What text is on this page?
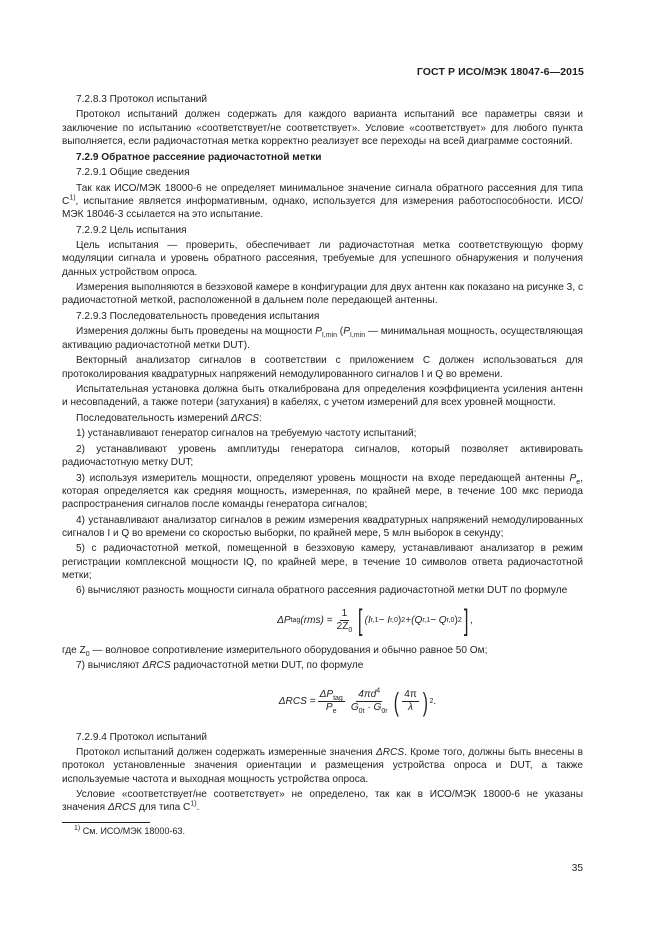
ГОСТ Р ИСО/МЭК 18047-6—2015

7.2.8.3 Протокол испытаний

Протокол испытаний должен содержать для каждого варианта испытаний все параметры связи и заключение по испытанию «соответствует/не соответствует». Условие «соответствует» для любого пункта выполняется, если радиочастотная метка корректно реализует все переходы на всей диаграмме состояний.

7.2.9 Обратное рассеяние радиочастотной метки

7.2.9.1 Общие сведения

Так как ИСО/МЭК 18000-6 не определяет минимальное значение сигнала обратного рассеяния для типа $С^{1)}$, испытание является информативным, однако, используется для измерения работоспособности. ИСО/МЭК 18046-3 ссылается на это испытание.

7.2.9.2 Цель испытания

Цель испытания — проверить, обеспечивает ли радиочастотная метка соответствующую форму модуляции сигнала и уровень обратного рассеяния, требуемые для успешного обнаружения и получения данных устройством опроса.

Измерения выполняются в безэховой камере в конфигурации для двух антенн как показано на рисунке 3, с радиочастотной меткой, расположенной в дальнем поле передающей антенны.

7.2.9.3 Последовательность проведения испытания

Измерения должны быть проведены на мощности $P_{I,min}$ ($P_{I,min}$ — минимальная мощность, осуществляющая активацию радиочастотной метки DUT).

Векторный анализатор сигналов в соответствии с приложением С должен использоваться для протоколирования квадратурных напряжений немодулированного сигналов I и Q во времени.

Испытательная установка должна быть откалибрована для определения коэффициента усиления антенн и несовпадений, а также потери (затухания) в кабелях, с учетом измерений для всех уровней мощности.

Последовательность измерений ΔRCS:

1) устанавливают генератор сигналов на требуемую частоту испытаний;

2) устанавливают уровень амплитуды генератора сигналов, который позволяет активировать радиочастотную метку DUT;

3) используя измеритель мощности, определяют уровень мощности на входе передающей антенны $P_e$, которая определяется как средняя мощность, измеренная, по крайней мере, в течение 100 мкс периода распространения сигналов после команды генератора сигналов;

4) устанавливают анализатор сигналов в режим измерения квадратурных напряжений немодулированных сигналов I и Q во времени со скоростью выборки, по крайней мере, 5 млн выборок в секунду;

5) с радиочастотной меткой, помещенной в безэховую камеру, устанавливают анализатор в режим регистрации комплексной мощности IQ, по крайней мере, в течение 10 символов ответа радиочастотной метки;

6) вычисляют разность мощности сигнала обратного рассеяния радиочастотной метки DUT по формуле

ΔP tag $(rms) = \frac{1}{2Z_0}$ [ (I r,1 − I r,0 ) 2 + (Q r,1 − Q r,0 ) 2 ] ,

где $Z_0$ — волновое сопротивление измерительного оборудования и обычно равное 50 Ом;

7) вычисляют ΔRCS радиочастотной метки DUT, по формуле

$\Delta RCS = \frac{\Delta P_{tag}}{P_e} \frac{4\pi d^4}{G_{0t} \cdot G_{0r}}$ ( $\frac{4\pi}{\lambda}$ ) 2 .

7.2.9.4 Протокол испытаний

Протокол испытаний должен содержать измеренные значения ΔRCS. Кроме того, должны быть внесены в протокол установленные значения ориентации и размещения устройства опроса и DUT, а также используемые частота и выходная мощность устройства опроса.

Условие «соответствует/не соответствует» не определено, так как в ИСО/МЭК 18000-6 не указаны значения ΔRCS для типа $С^{1)}$.

$^{1)}$ См. ИСО/МЭК 18000-63.
35
